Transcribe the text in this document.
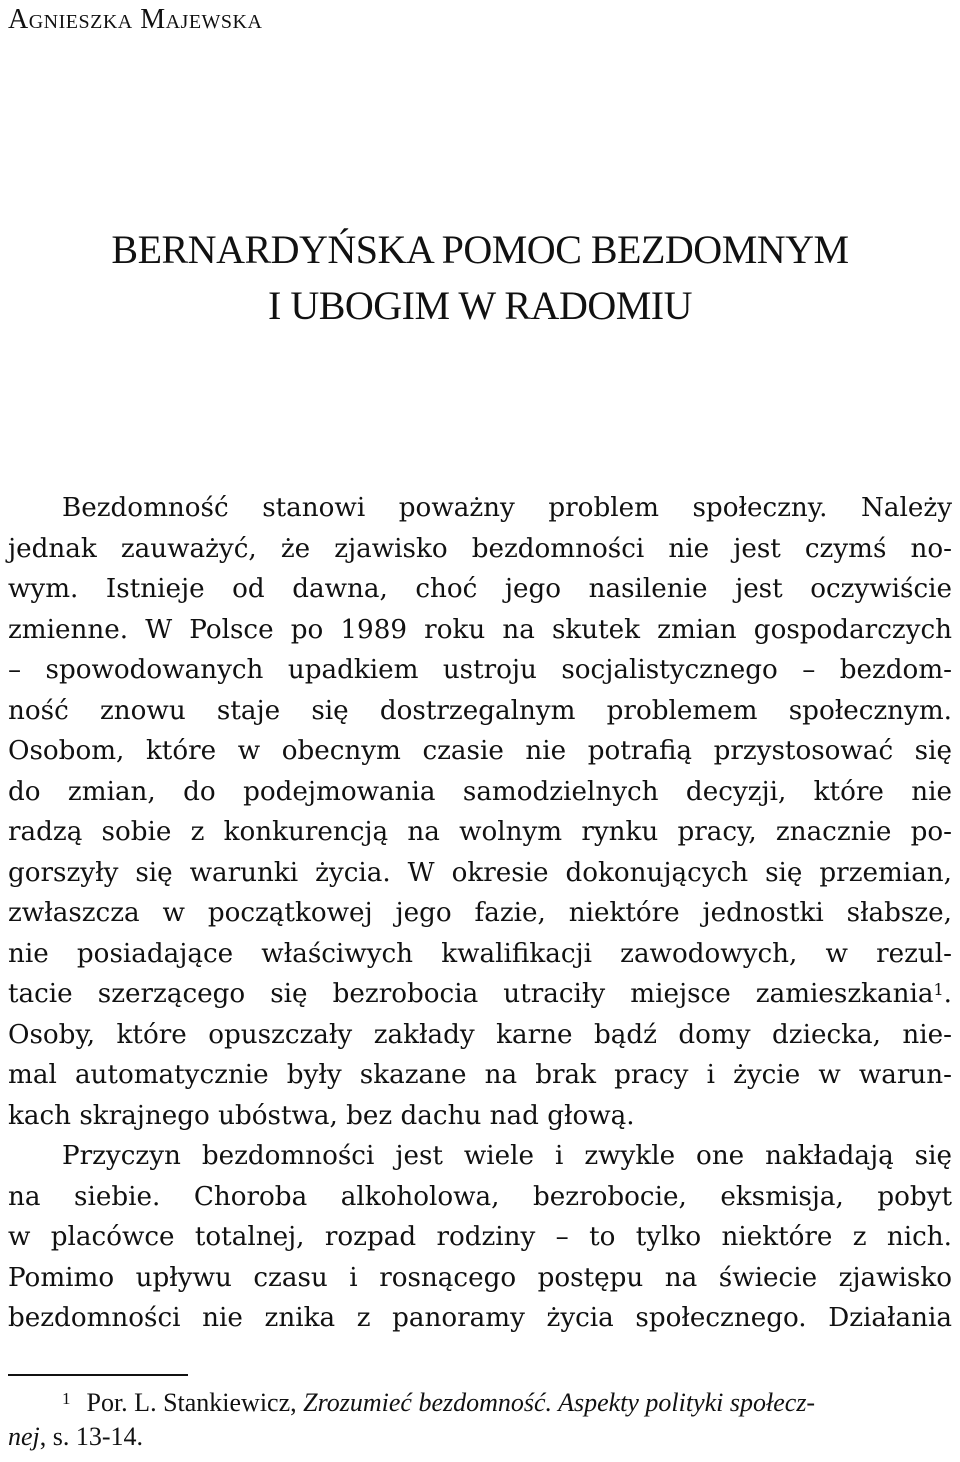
Agnieszka Majewska
BERNARDYŃSKA POMOC BEZDOMNYM
I UBOGIM W RADOMIU
Bezdomność stanowi poważny problem społeczny. Należy
jednak zauważyć, że zjawisko bezdomności nie jest czymś no-
wym. Istnieje od dawna, choć jego nasilenie jest oczywiście
zmienne. W Polsce po 1989 roku na skutek zmian gospodarczych
– spowodowanych upadkiem ustroju socjalistycznego – bezdom-
ność znowu staje się dostrzegalnym problemem społecznym.
Osobom, które w obecnym czasie nie potrafią przystosować się
do zmian, do podejmowania samodzielnych decyzji, które nie
radzą sobie z konkurencją na wolnym rynku pracy, znacznie po-
gorszyły się warunki życia. W okresie dokonujących się przemian,
zwłaszcza w początkowej jego fazie, niektóre jednostki słabsze,
nie posiadające właściwych kwalifikacji zawodowych, w rezul-
tacie szerzącego się bezrobocia utraciły miejsce zamieszkania$^1$.
Osoby, które opuszczały zakłady karne bądź domy dziecka, nie-
mal automatycznie były skazane na brak pracy i życie w warun-
kach skrajnego ubóstwa, bez dachu nad głową.
Przyczyn bezdomności jest wiele i zwykle one nakładają się
na siebie. Choroba alkoholowa, bezrobocie, eksmisja, pobyt
w placówce totalnej, rozpad rodziny – to tylko niektóre z nich.
Pomimo upływu czasu i rosnącego postępu na świecie zjawisko
bezdomności nie znika z panoramy życia społecznego. Działania
$^1$ Por. L. Stankiewicz, Zrozumieć bezdomność. Aspekty polityki społecz-
nej, s. 13-14.
